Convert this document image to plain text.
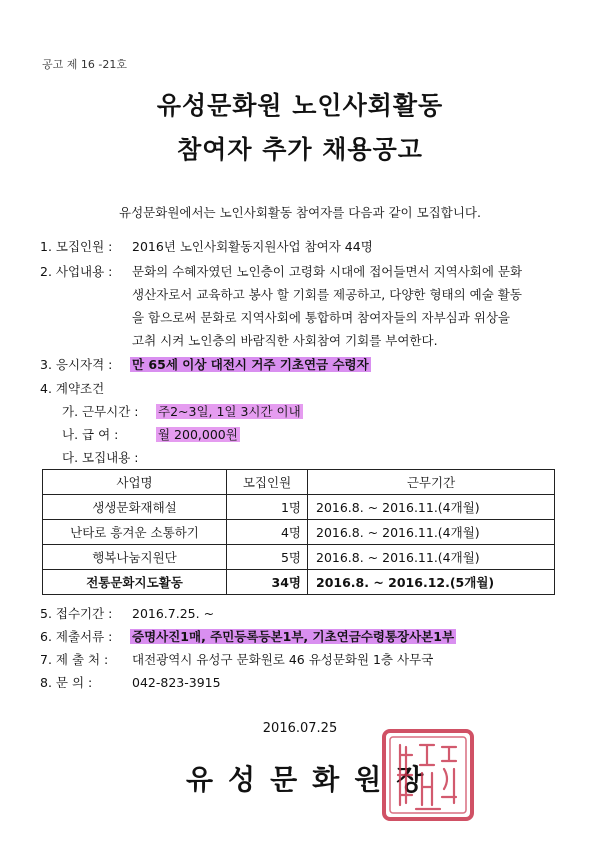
공고 제 16 -21호
유성문화원 노인사회활동
참여자 추가 채용공고
유성문화원에서는 노인사회활동 참여자를 다음과 같이 모집합니다.
1. 모집인원 : 2016년 노인사회활동지원사업 참여자 44명
2. 사업내용 : 문화의 수혜자였던 노인층이 고령화 시대에 접어들면서 지역사회에 문화
생산자로서 교육하고 봉사 할 기회를 제공하고, 다양한 형태의 예술 활동
을 함으로써 문화로 지역사회에 통합하며 참여자들의 자부심과 위상을
고취 시켜 노인층의 바람직한 사회참여 기회를 부여한다.
3. 응시자격 : 만 65세 이상 대전시 거주 기초연금 수령자
4. 계약조건
가. 근무시간 : 주2~3일, 1일 3시간 이내
나. 급 여 :	월 200,000원
다. 모집내용 :
사업명	모집인원	근무기간
생생문화재해설	1명	2016.8. ~ 2016.11.(4개월)
난타로 흥겨운 소통하기	4명	2016.8. ~ 2016.11.(4개월)
행복나눔지원단	5명	2016.8. ~ 2016.11.(4개월)
전통문화지도활동	34명	2016.8. ~ 2016.12.(5개월)
5. 접수기간 : 2016.7.25. ~
6. 제출서류 : 증명사진1매, 주민등록등본1부, 기초연금수령통장사본1부
7. 제 출 처 : 대전광역시 유성구 문화원로 46 유성문화원 1층 사무국
8. 문 의 :	042-823-3915
2016.07.25
유성문화원장
